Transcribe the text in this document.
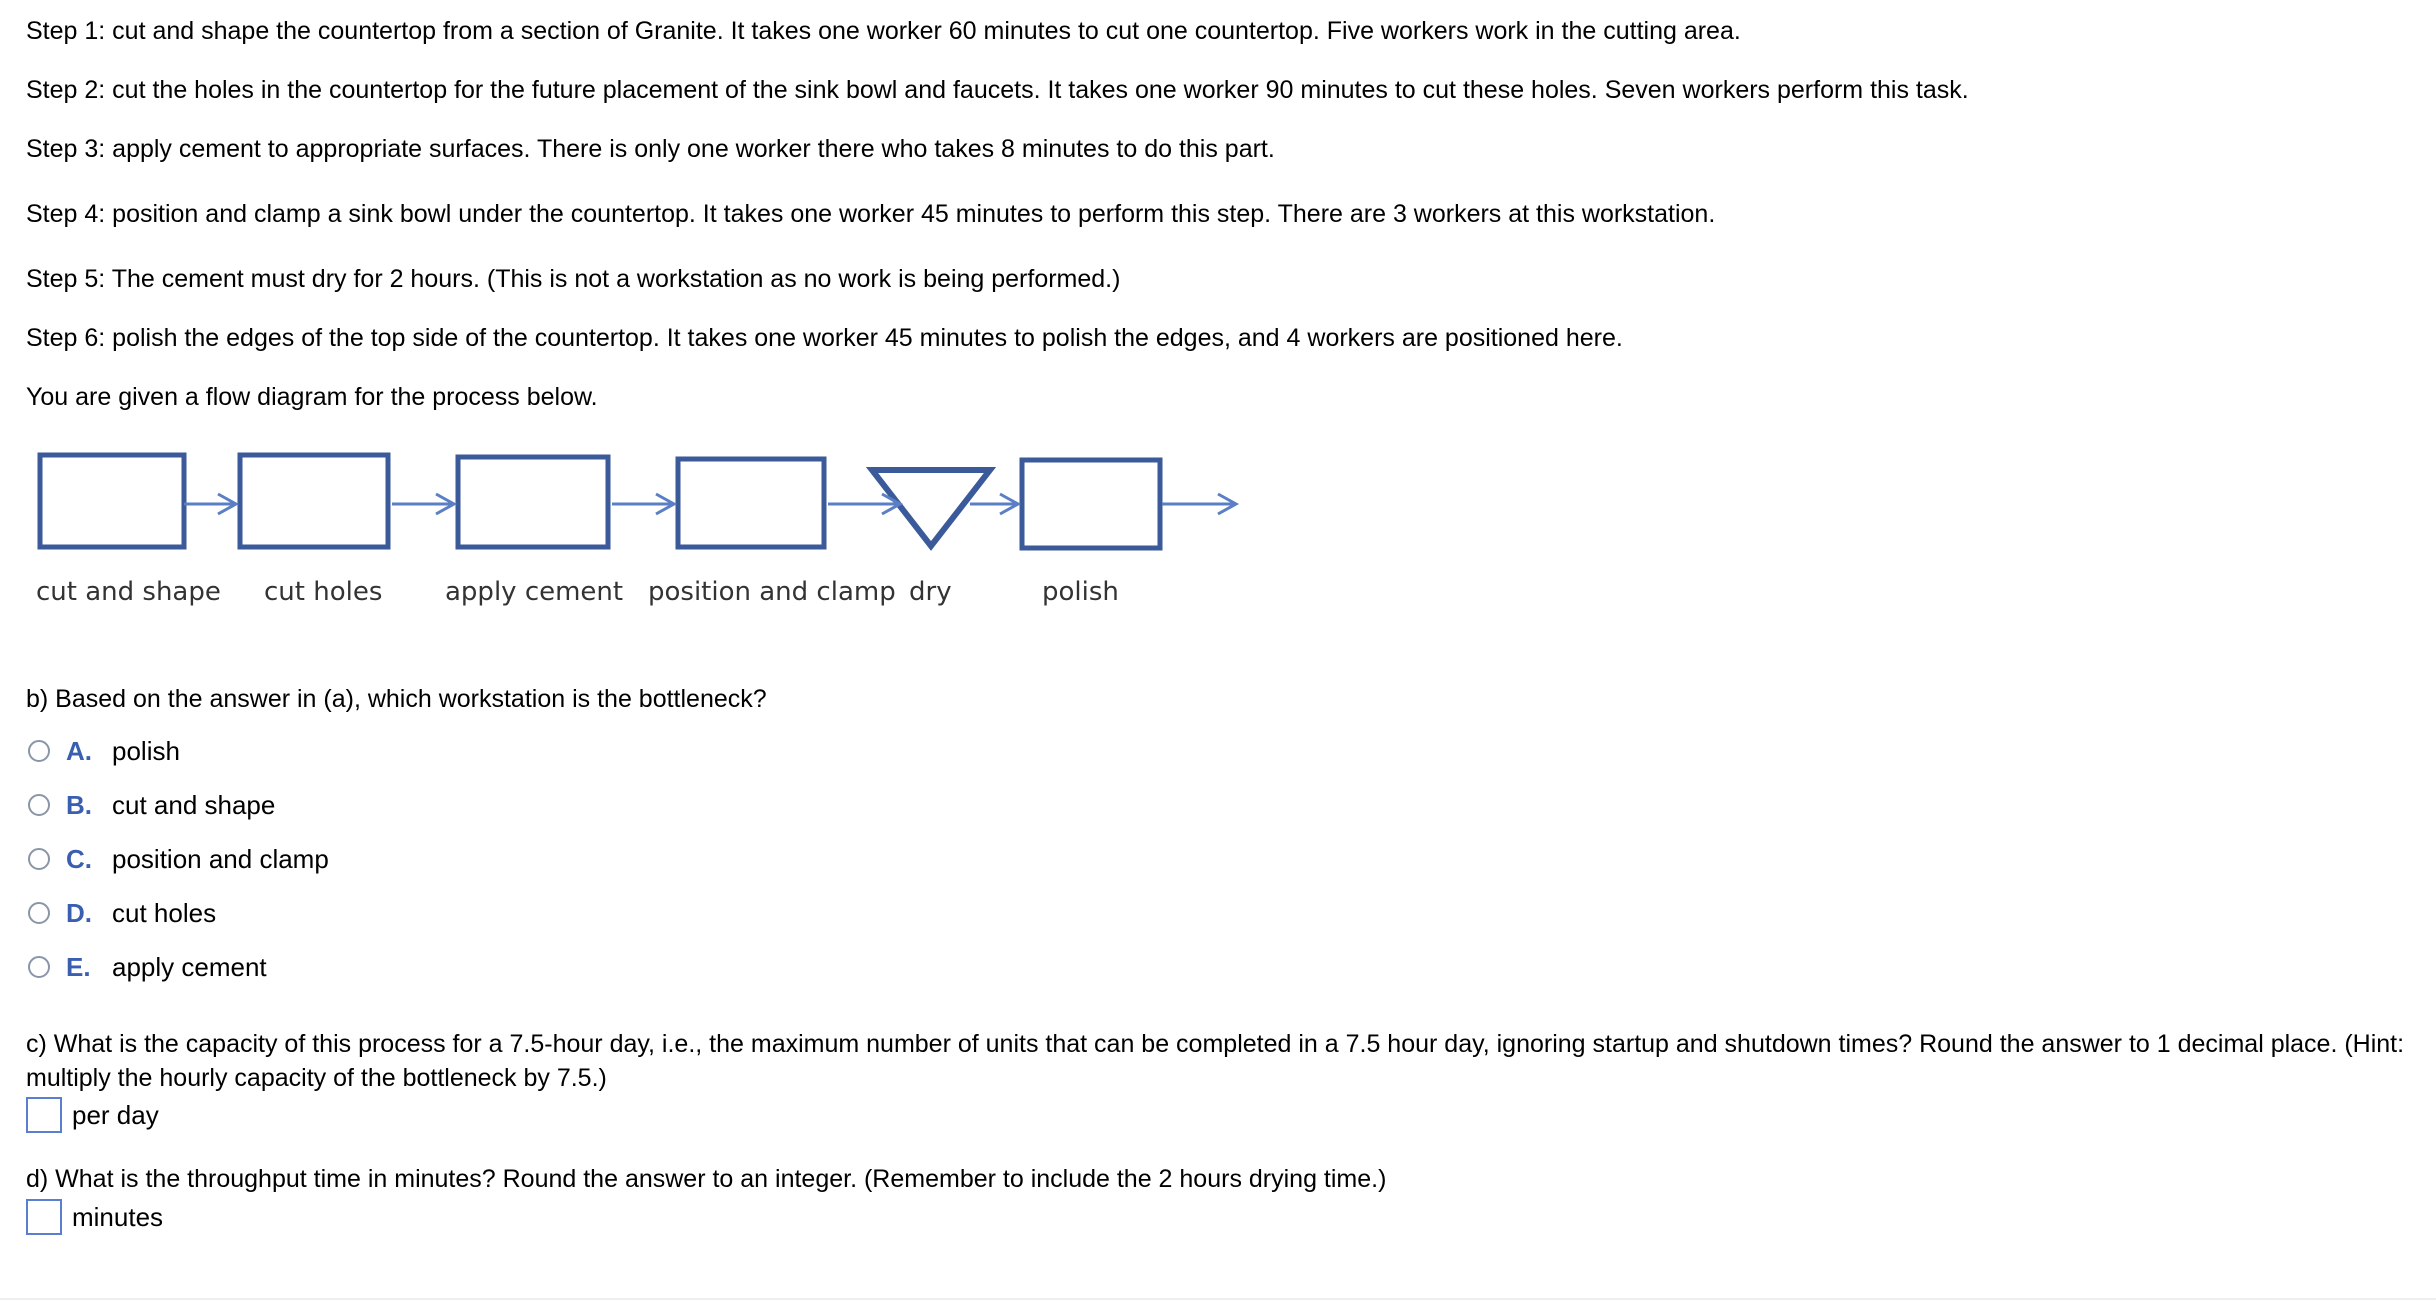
Step 1: cut and shape the countertop from a section of Granite. It takes one worker 60 minutes to cut one countertop. Five workers work in the cutting area.
Step 2: cut the holes in the countertop for the future placement of the sink bowl and faucets. It takes one worker 90 minutes to cut these holes. Seven workers perform this task.
Step 3: apply cement to appropriate surfaces. There is only one worker there who takes 8 minutes to do this part.
Step 4: position and clamp a sink bowl under the countertop. It takes one worker 45 minutes to perform this step. There are 3 workers at this workstation.
Step 5: The cement must dry for 2 hours. (This is not a workstation as no work is being performed.)
Step 6: polish the edges of the top side of the countertop. It takes one worker 45 minutes to polish the edges, and 4 workers are positioned here.
You are given a flow diagram for the process below.
cut and shape cut holes apply cement position and clamp dry	polish
b) Based on the answer in (a), which workstation is the bottleneck?
A. polish
B. cut and shape
C. position and clamp
D. cut holes
E. apply cement
c) What is the capacity of this process for a 7.5-hour day, i.e., the maximum number of units that can be completed in a 7.5 hour day, ignoring startup and shutdown times? Round the answer to 1 decimal place. (Hint: multiply the hourly capacity of the bottleneck by 7.5.)
per day
d) What is the throughput time in minutes? Round the answer to an integer. (Remember to include the 2 hours drying time.)
minutes
